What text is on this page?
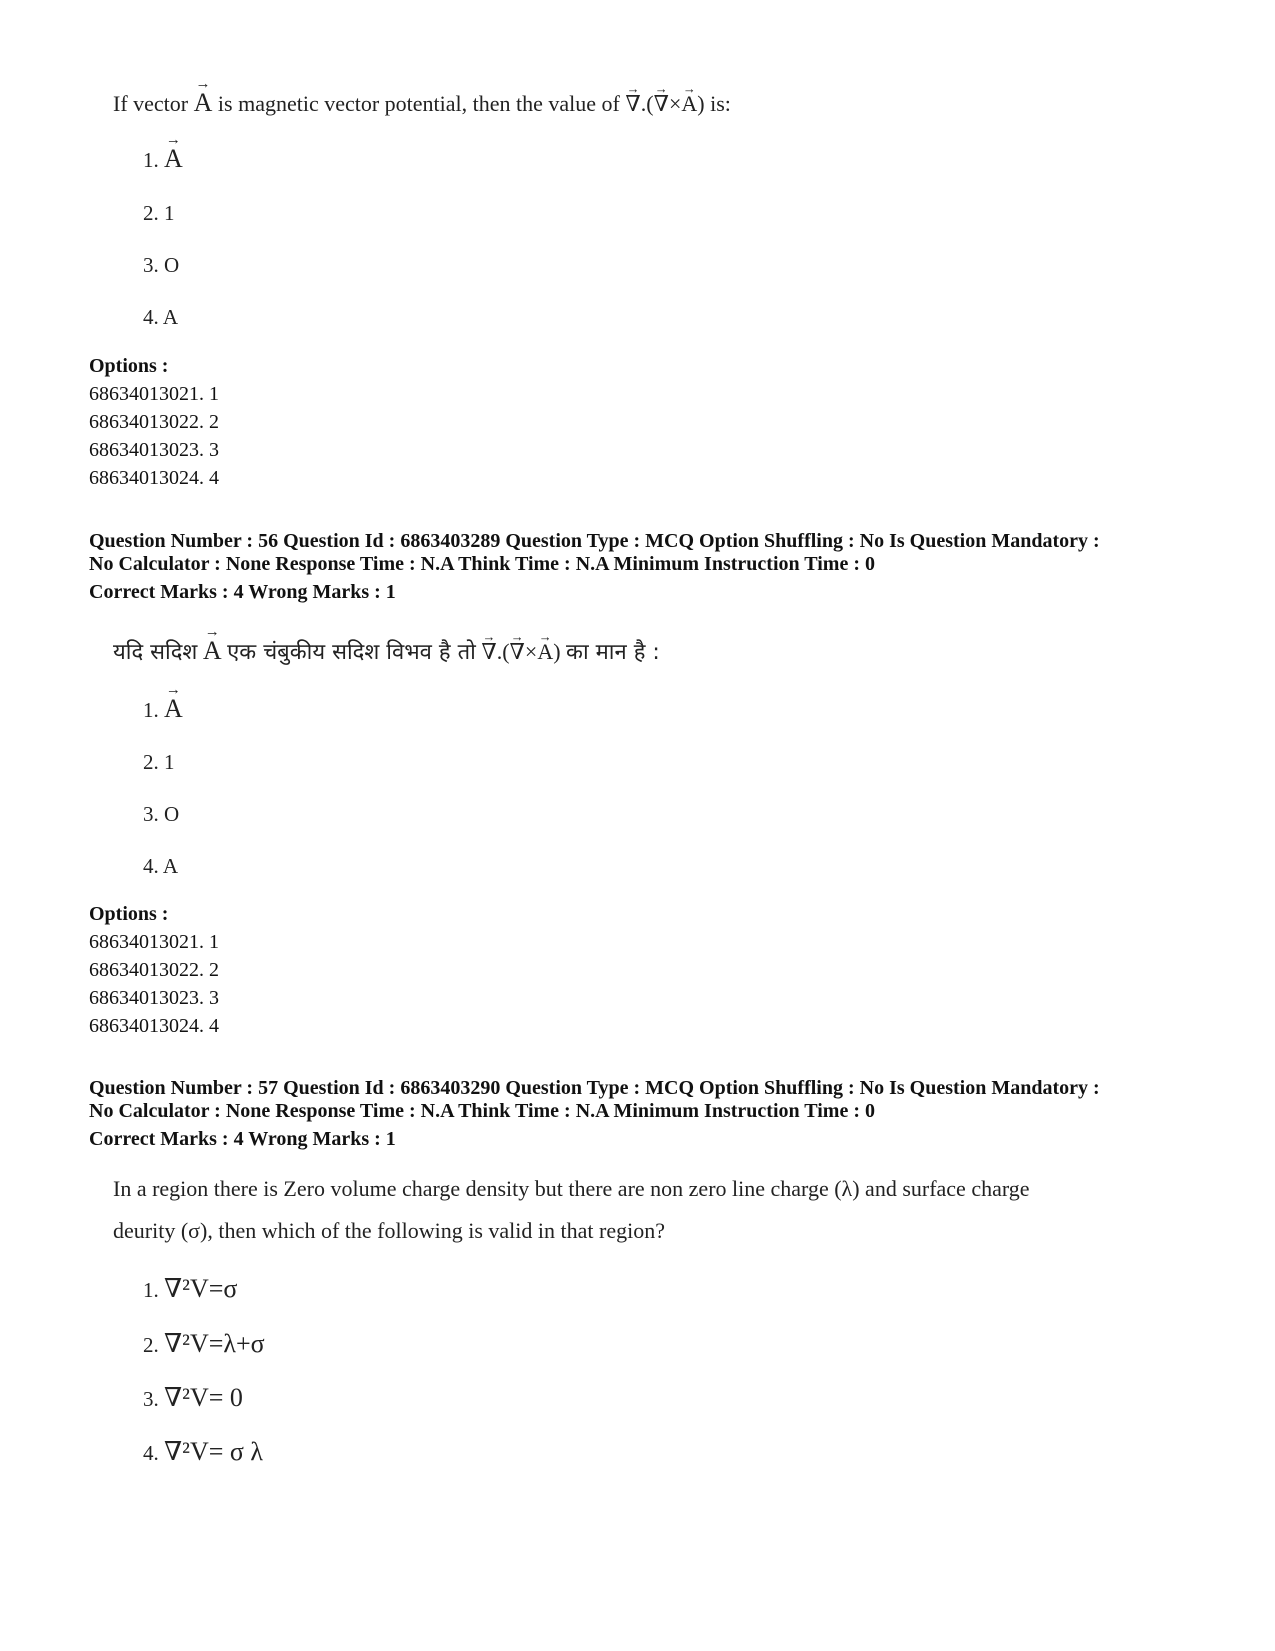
If vector → A is magnetic vector potential, then the value of → ∇.(→ ∇×→ A) is:
1. → A
2. 1
3. O
4. A
Options :
68634013021. 1
68634013022. 2
68634013023. 3
68634013024. 4
Question Number : 56 Question Id : 6863403289 Question Type : MCQ Option Shuffling : No Is Question Mandatory :
No Calculator : None Response Time : N.A Think Time : N.A Minimum Instruction Time : 0
Correct Marks : 4 Wrong Marks : 1
यदि सदिश → A एक चंबुकीय सदिश विभव है तो → ∇.(→ ∇×→ A) का मान है :
1. → A
2. 1
3. O
4. A
Options :
68634013021. 1
68634013022. 2
68634013023. 3
68634013024. 4
Question Number : 57 Question Id : 6863403290 Question Type : MCQ Option Shuffling : No Is Question Mandatory :
No Calculator : None Response Time : N.A Think Time : N.A Minimum Instruction Time : 0
Correct Marks : 4 Wrong Marks : 1
In a region there is Zero volume charge density but there are non zero line charge (λ) and surface charge
deurity (σ), then which of the following is valid in that region?
1. ∇²V=σ
2. ∇²V=λ+σ
3. ∇²V= 0
4. ∇²V= σ λ
